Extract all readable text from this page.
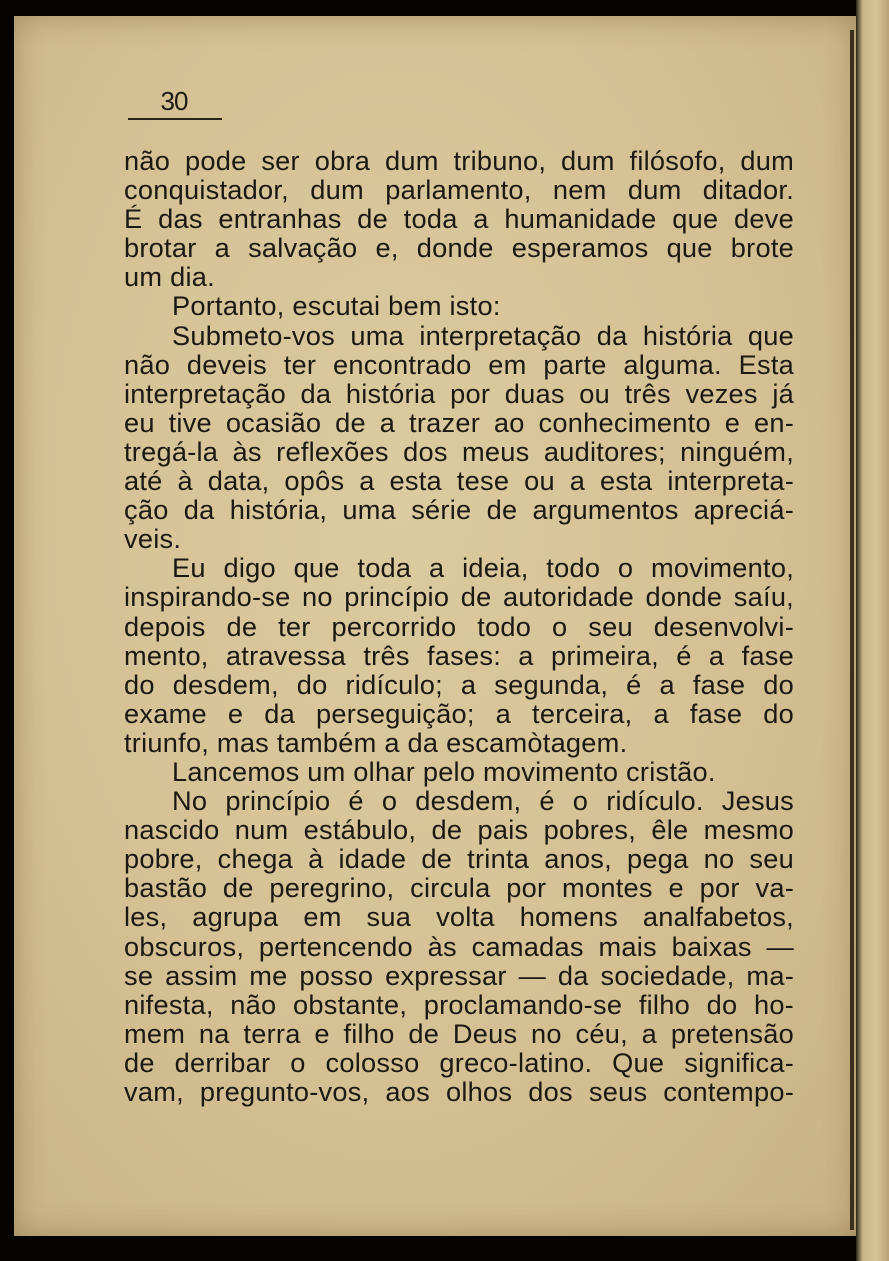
30
não pode ser obra dum tribuno, dum filósofo, dum
conquistador, dum parlamento, nem dum ditador.
É das entranhas de toda a humanidade que deve
brotar a salvação e, donde esperamos que brote
um dia.
Portanto, escutai bem isto:
Submeto-vos uma interpretação da história que
não deveis ter encontrado em parte alguma. Esta
interpretação da história por duas ou três vezes já
eu tive ocasião de a trazer ao conhecimento e en-
tregá-la às reflexões dos meus auditores; ninguém,
até à data, opôs a esta tese ou a esta interpreta-
ção da história, uma série de argumentos apreciá-
veis.
Eu digo que toda a ideia, todo o movimento,
inspirando-se no princípio de autoridade donde saíu,
depois de ter percorrido todo o seu desenvolvi-
mento, atravessa três fases: a primeira, é a fase
do desdem, do ridículo; a segunda, é a fase do
exame e da perseguição; a terceira, a fase do
triunfo, mas também a da escamòtagem.
Lancemos um olhar pelo movimento cristão.
No princípio é o desdem, é o ridículo. Jesus
nascido num estábulo, de pais pobres, êle mesmo
pobre, chega à idade de trinta anos, pega no seu
bastão de peregrino, circula por montes e por va-
les, agrupa em sua volta homens analfabetos,
obscuros, pertencendo às camadas mais baixas —
se assim me posso expressar — da sociedade, ma-
nifesta, não obstante, proclamando-se filho do ho-
mem na terra e filho de Deus no céu, a pretensão
de derribar o colosso greco-latino. Que significa-
vam, pregunto-vos, aos olhos dos seus contempo-
